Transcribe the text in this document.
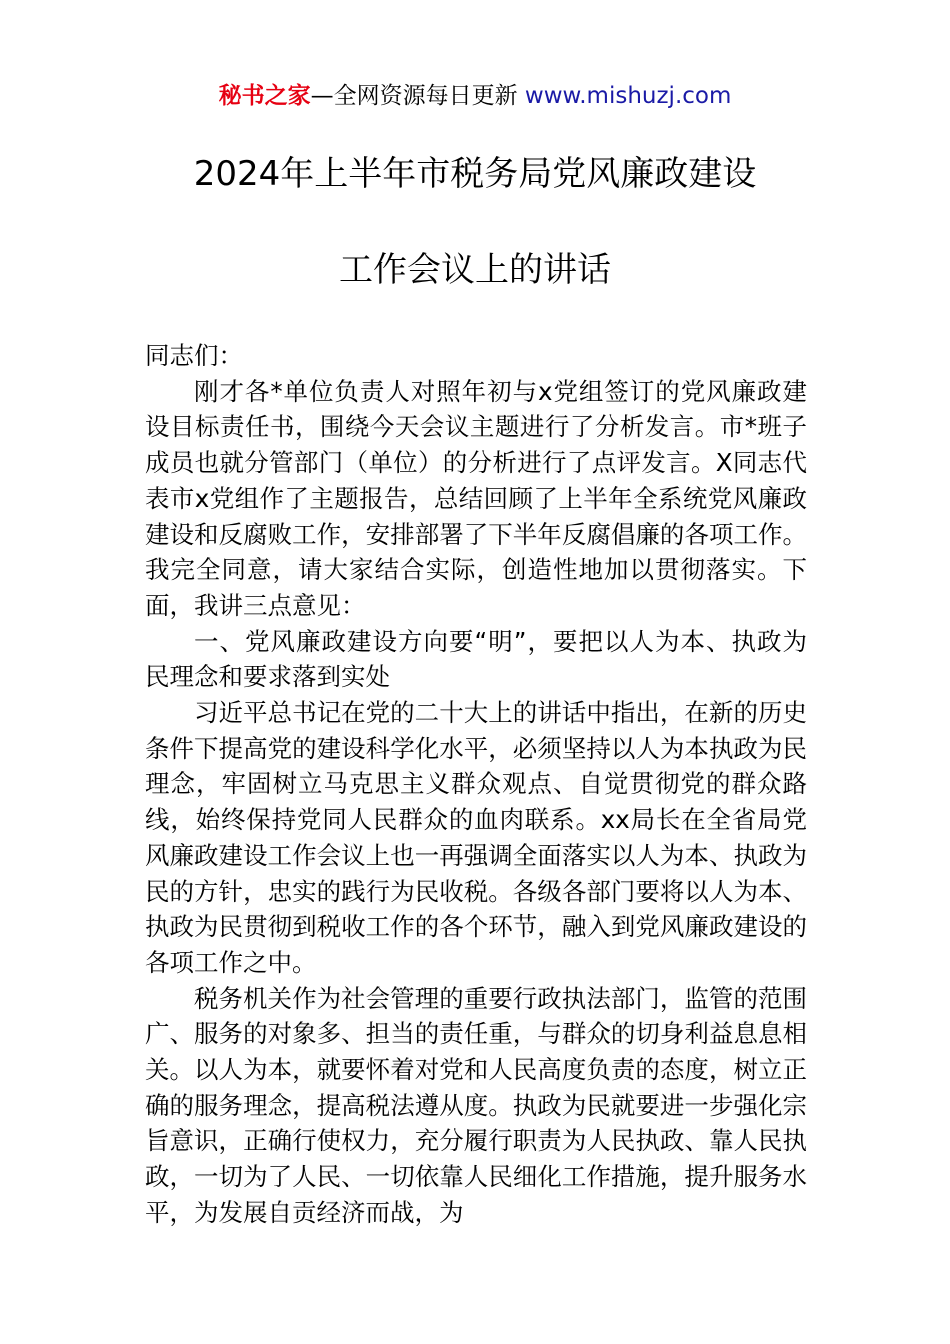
秘书之家—全网资源每日更新 www.mishuzj.com
2024年上半年市税务局党风廉政建设
工作会议上的讲话

同志们：

刚才各*单位负责人对照年初与x党组签订的党风廉政建设目标责任书，围绕今天会议主题进行了分析发言。市*班子成员也就分管部门（单位）的分析进行了点评发言。X同志代表市x党组作了主题报告，总结回顾了上半年全系统党风廉政建设和反腐败工作，安排部署了下半年反腐倡廉的各项工作。我完全同意，请大家结合实际，创造性地加以贯彻落实。下面，我讲三点意见：

一、党风廉政建设方向要“明”，要把以人为本、执政为民理念和要求落到实处

习近平总书记在党的二十大上的讲话中指出，在新的历史条件下提高党的建设科学化水平，必须坚持以人为本执政为民理念，牢固树立马克思主义群众观点、自觉贯彻党的群众路线，始终保持党同人民群众的血肉联系。xx局长在全省局党风廉政建设工作会议上也一再强调全面落实以人为本、执政为民的方针，忠实的践行为民收税。各级各部门要将以人为本、执政为民贯彻到税收工作的各个环节，融入到党风廉政建设的各项工作之中。

税务机关作为社会管理的重要行政执法部门，监管的范围广、服务的对象多、担当的责任重，与群众的切身利益息息相关。以人为本，就要怀着对党和人民高度负责的态度，树立正确的服务理念，提高税法遵从度。执政为民就要进一步强化宗旨意识，正确行使权力，充分履行职责为人民执政、靠人民执政，一切为了人民、一切依靠人民细化工作措施，提升服务水平，为发展自贡经济而战，为
